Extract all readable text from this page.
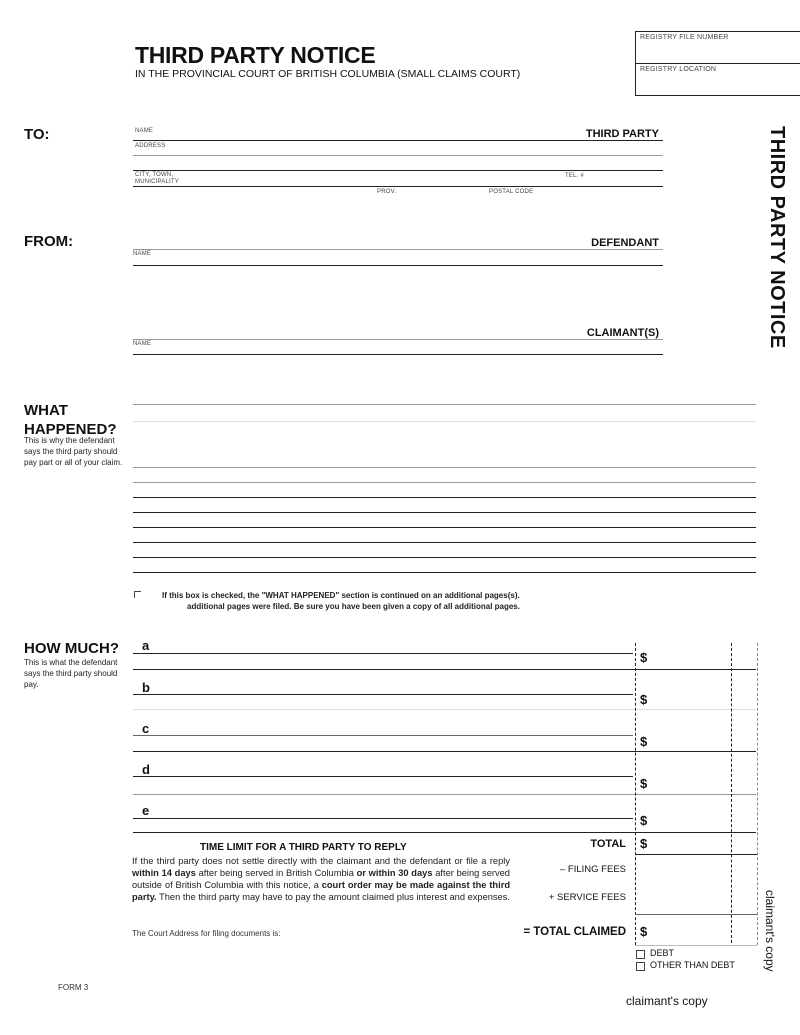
THIRD PARTY NOTICE
IN THE PROVINCIAL COURT OF BRITISH COLUMBIA (SMALL CLAIMS COURT)
REGISTRY FILE NUMBER
REGISTRY LOCATION
THIRD PARTY NOTICE
TO:	NAME	THIRD PARTY
ADDRESS
CITY, TOWN,
MUNICIPALITY
TEL. #
PROV.	POSTAL CODE
FROM:	DEFENDANT
NAME
CLAIMANT(S)
NAME
WHAT
HAPPENED?
This is why the defendant says the third party should pay part or all of your claim.
If this box is checked, the "WHAT HAPPENED" section is continued on an additional pages(s).
additional pages were filed. Be sure you have been given a copy of all additional pages.
HOW MUCH?
This is what the defendant says the third party should pay.
a
$
b
$
c
$
d
$
e
$
TOTAL $
– FILING FEES
+ SERVICE FEES
= TOTAL CLAIMED $
DEBT
OTHER THAN DEBT claimant's copy
TIME LIMIT FOR A THIRD PARTY TO REPLY
If the third party does not settle directly with the claimant and the defendant or file a reply within 14 days after being served in British Columbia or within 30 days after being served outside of British Columbia with this notice, a court order may be made against the third party. Then the third party may have to pay the amount claimed plus interest and expenses.
The Court Address for filing documents is:
FORM 3
claimant's copy
